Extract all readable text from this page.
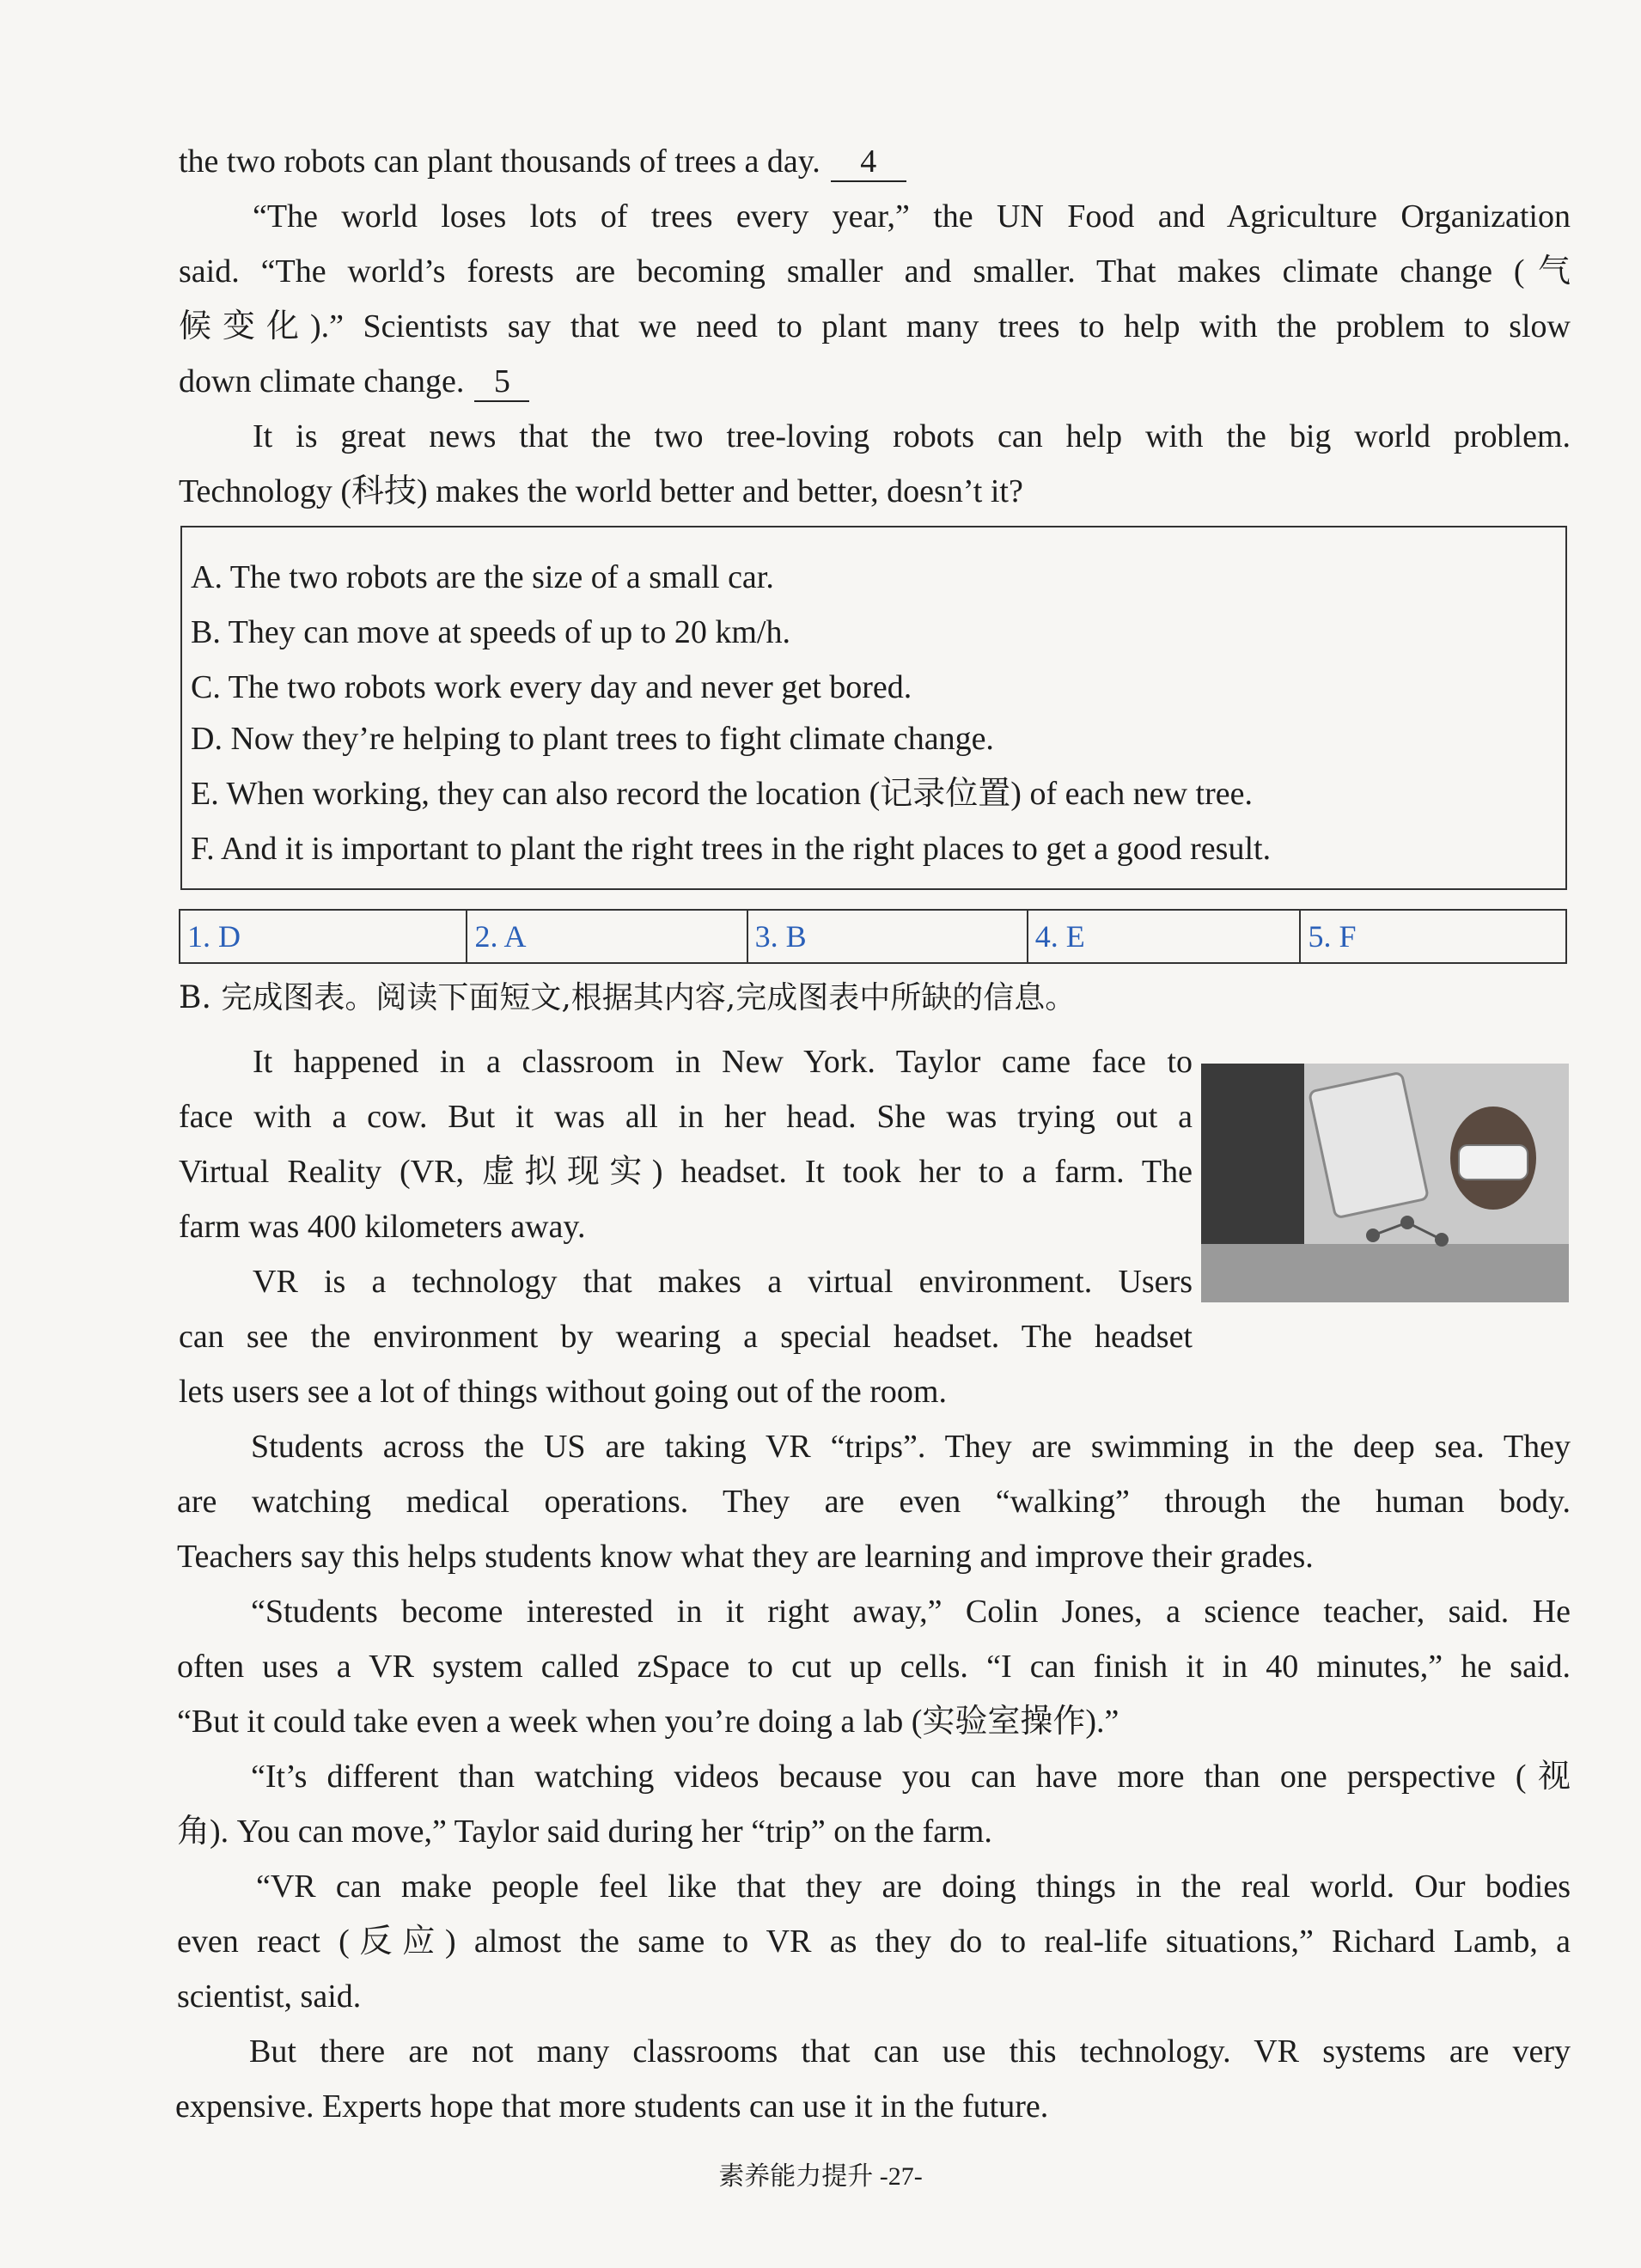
the two robots can plant thousands of trees a day. 4
“The world loses lots of trees every year,” the UN Food and Agriculture Organization
said. “The world’s forests are becoming smaller and smaller. That makes climate change (气
候变化).” Scientists say that we need to plant many trees to help with the problem to slow
down climate change. 5
It is great news that the two tree-loving robots can help with the big world problem.
Technology (科技) makes the world better and better, doesn’t it?
A. The two robots are the size of a small car.
B. They can move at speeds of up to 20 km/h.
C. The two robots work every day and never get bored.
D. Now they’re helping to plant trees to fight climate change.
E. When working, they can also record the location (记录位置) of each new tree.
F. And it is important to plant the right trees in the right places to get a good result.
1. D	2. A	3. B	4. E	5. F
B. 完成图表。阅读下面短文,根据其内容,完成图表中所缺的信息。
It happened in a classroom in New York. Taylor came face to
face with a cow. But it was all in her head. She was trying out a
Virtual Reality (VR, 虚拟现实) headset. It took her to a farm. The
farm was 400 kilometers away.
VR is a technology that makes a virtual environment. Users
can see the environment by wearing a special headset. The headset
lets users see a lot of things without going out of the room.
Students across the US are taking VR “trips”. They are swimming in the deep sea. They
are watching medical operations. They are even “walking” through the human body.
Teachers say this helps students know what they are learning and improve their grades.
“Students become interested in it right away,” Colin Jones, a science teacher, said. He
often uses a VR system called zSpace to cut up cells. “I can finish it in 40 minutes,” he said.
“But it could take even a week when you’re doing a lab (实验室操作).”
“It’s different than watching videos because you can have more than one perspective (视
角). You can move,” Taylor said during her “trip” on the farm.
“VR can make people feel like that they are doing things in the real world. Our bodies
even react (反应) almost the same to VR as they do to real-life situations,” Richard Lamb, a
scientist, said.
But there are not many classrooms that can use this technology. VR systems are very
expensive. Experts hope that more students can use it in the future.
素养能力提升 -27-
